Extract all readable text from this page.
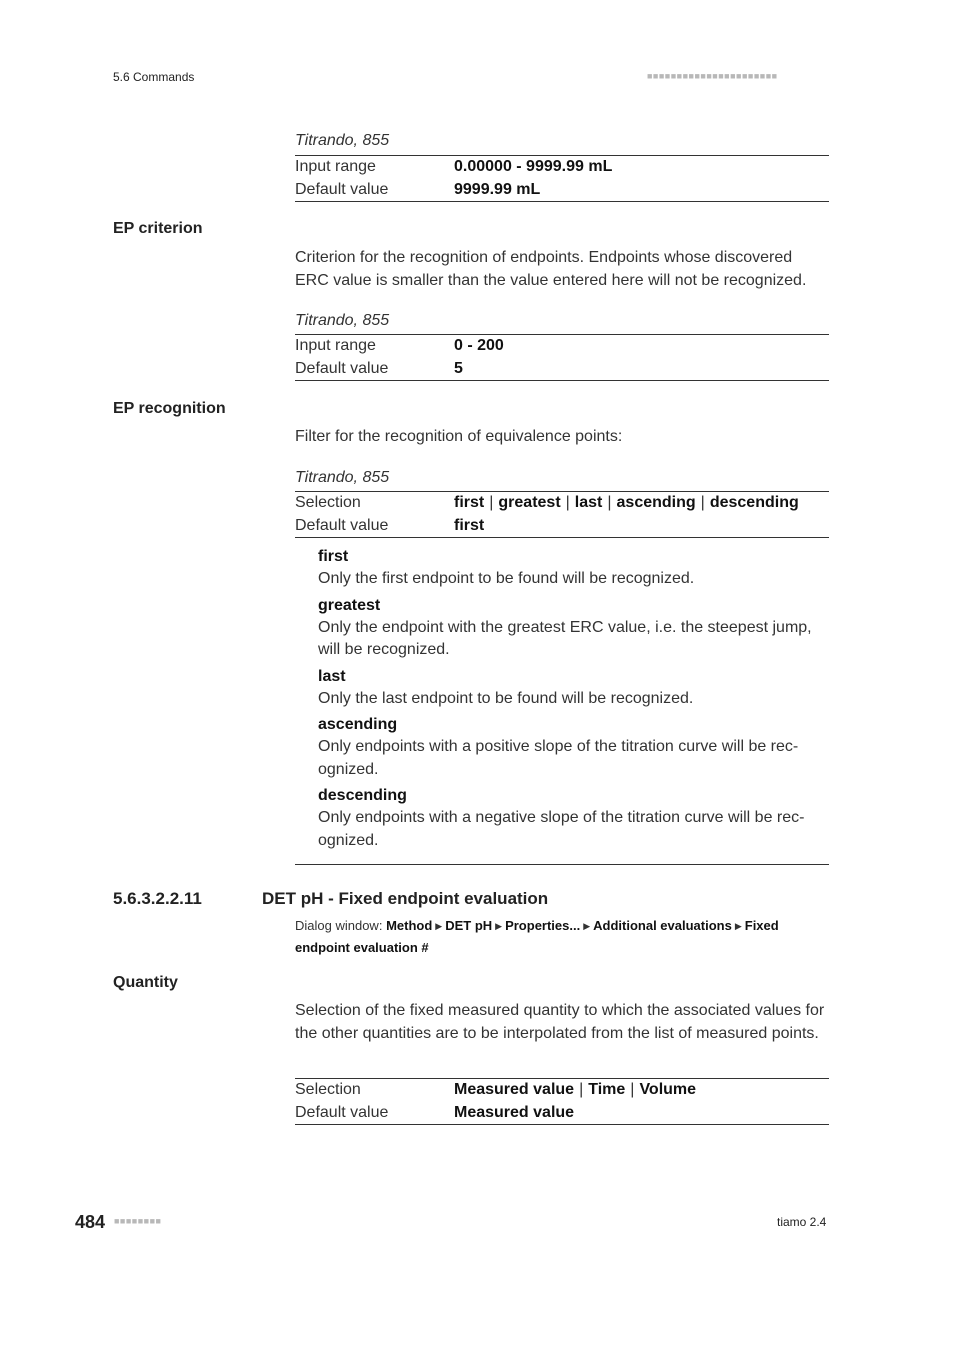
5.6 Commands	■■■■■■■■■■■■■■■■■■■■■■
Titrando, 855
Input range	0.00000 - 9999.99 mL
Default value	9999.99 mL
EP criterion
Criterion for the recognition of endpoints. Endpoints whose discovered ERC value is smaller than the value entered here will not be recognized.
Titrando, 855
Input range	0 - 200
Default value	5
EP recognition
Filter for the recognition of equivalence points:
Titrando, 855
Selection	first | greatest | last | ascending | descending
Default value	first
first
Only the first endpoint to be found will be recognized.
greatest
Only the endpoint with the greatest ERC value, i.e. the steepest jump, will be recognized.
last
Only the last endpoint to be found will be recognized.
ascending
Only endpoints with a positive slope of the titration curve will be rec-ognized.
descending
Only endpoints with a negative slope of the titration curve will be rec-ognized.
5.6.3.2.2.11	DET pH - Fixed endpoint evaluation
Dialog window: Method ▶ DET pH ▶ Properties... ▶ Additional evaluations ▶ Fixed endpoint evaluation #
Quantity
Selection of the fixed measured quantity to which the associated values for the other quantities are to be interpolated from the list of measured points.
Selection	Measured value | Time | Volume
Default value	Measured value
484 ■■■■■■■■	tiamo 2.4
